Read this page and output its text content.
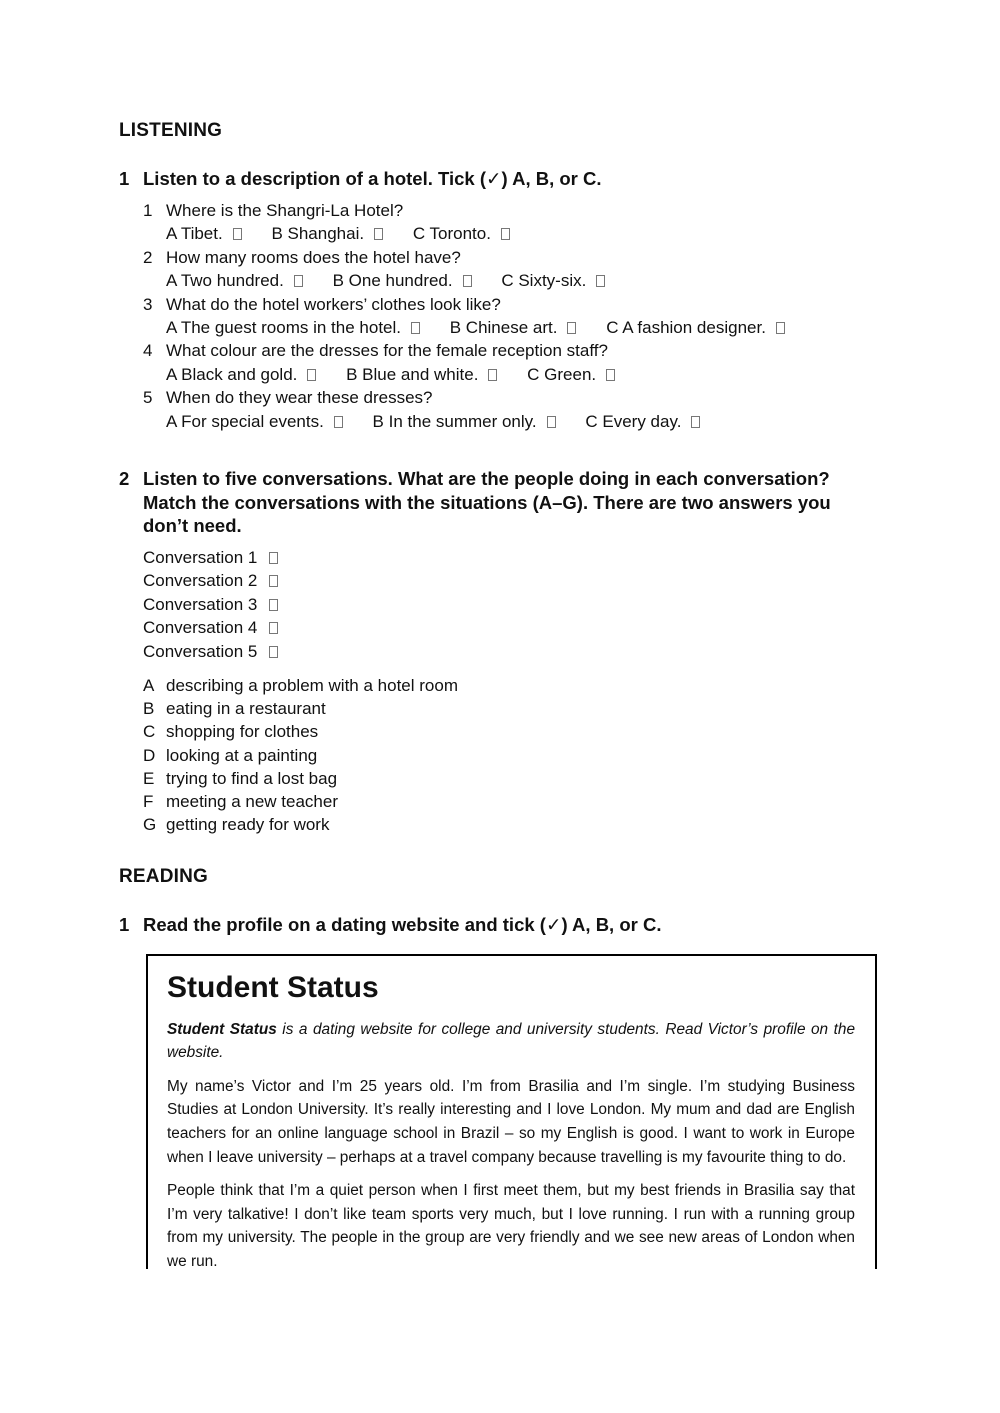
LISTENING
1 Listen to a description of a hotel. Tick (✓) A, B, or C.
1 Where is the Shangri-La Hotel?
A Tibet.	B Shanghai.	C Toronto.
2 How many rooms does the hotel have?
A Two hundred.	B One hundred.	C Sixty-six.
3 What do the hotel workers’ clothes look like?
A The guest rooms in the hotel.	B Chinese art.	C A fashion designer.
4 What colour are the dresses for the female reception staff?
A Black and gold.	B Blue and white.	C Green.
5 When do they wear these dresses?
A For special events.	B In the summer only.	C Every day.
2 Listen to five conversations. What are the people doing in each conversation? Match the conversations with the situations (A–G). There are two answers you don’t need.
Conversation 1
Conversation 2
Conversation 3
Conversation 4
Conversation 5
A describing a problem with a hotel room
B eating in a restaurant
C shopping for clothes
D looking at a painting
E trying to find a lost bag
F meeting a new teacher
G getting ready for work
READING
1 Read the profile on a dating website and tick (✓) A, B, or C.
Student Status

Student Status is a dating website for college and university students. Read Victor’s profile on the website.

My name’s Victor and I’m 25 years old. I’m from Brasilia and I’m single. I’m studying Business Studies at London University. It’s really interesting and I love London. My mum and dad are English teachers for an online language school in Brazil – so my English is good. I want to work in Europe when I leave university – perhaps at a travel company because travelling is my favourite thing to do.

People think that I’m a quiet person when I first meet them, but my best friends in Brasilia say that I’m very talkative! I don’t like team sports very much, but I love running. I run with a running group from my university. The people in the group are very friendly and we see new areas of London when we run.
